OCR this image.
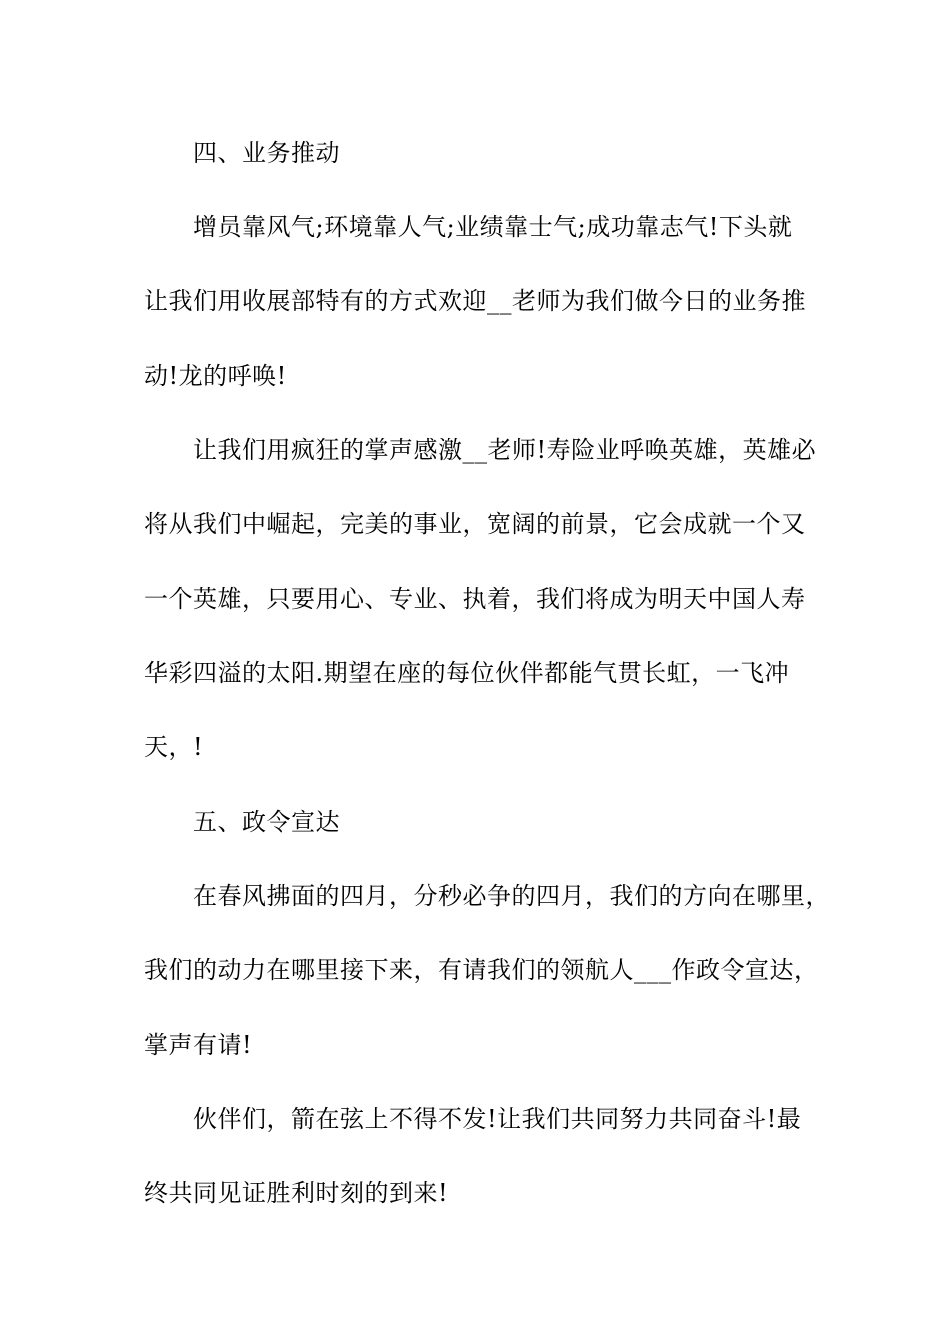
四、业务推动
增员靠风气;环境靠人气;业绩靠士气;成功靠志气!下头就
让我们用收展部特有的方式欢迎__老师为我们做今日的业务推
动!龙的呼唤!
让我们用疯狂的掌声感激__老师!寿险业呼唤英雄，英雄必
将从我们中崛起，完美的事业，宽阔的前景，它会成就一个又
一个英雄，只要用心、专业、执着，我们将成为明天中国人寿
华彩四溢的太阳.期望在座的每位伙伴都能气贯长虹，一飞冲
天，!
五、政令宣达
在春风拂面的四月，分秒必争的四月，我们的方向在哪里，
我们的动力在哪里接下来，有请我们的领航人___作政令宣达，
掌声有请!
伙伴们，箭在弦上不得不发!让我们共同努力共同奋斗!最
终共同见证胜利时刻的到来!
